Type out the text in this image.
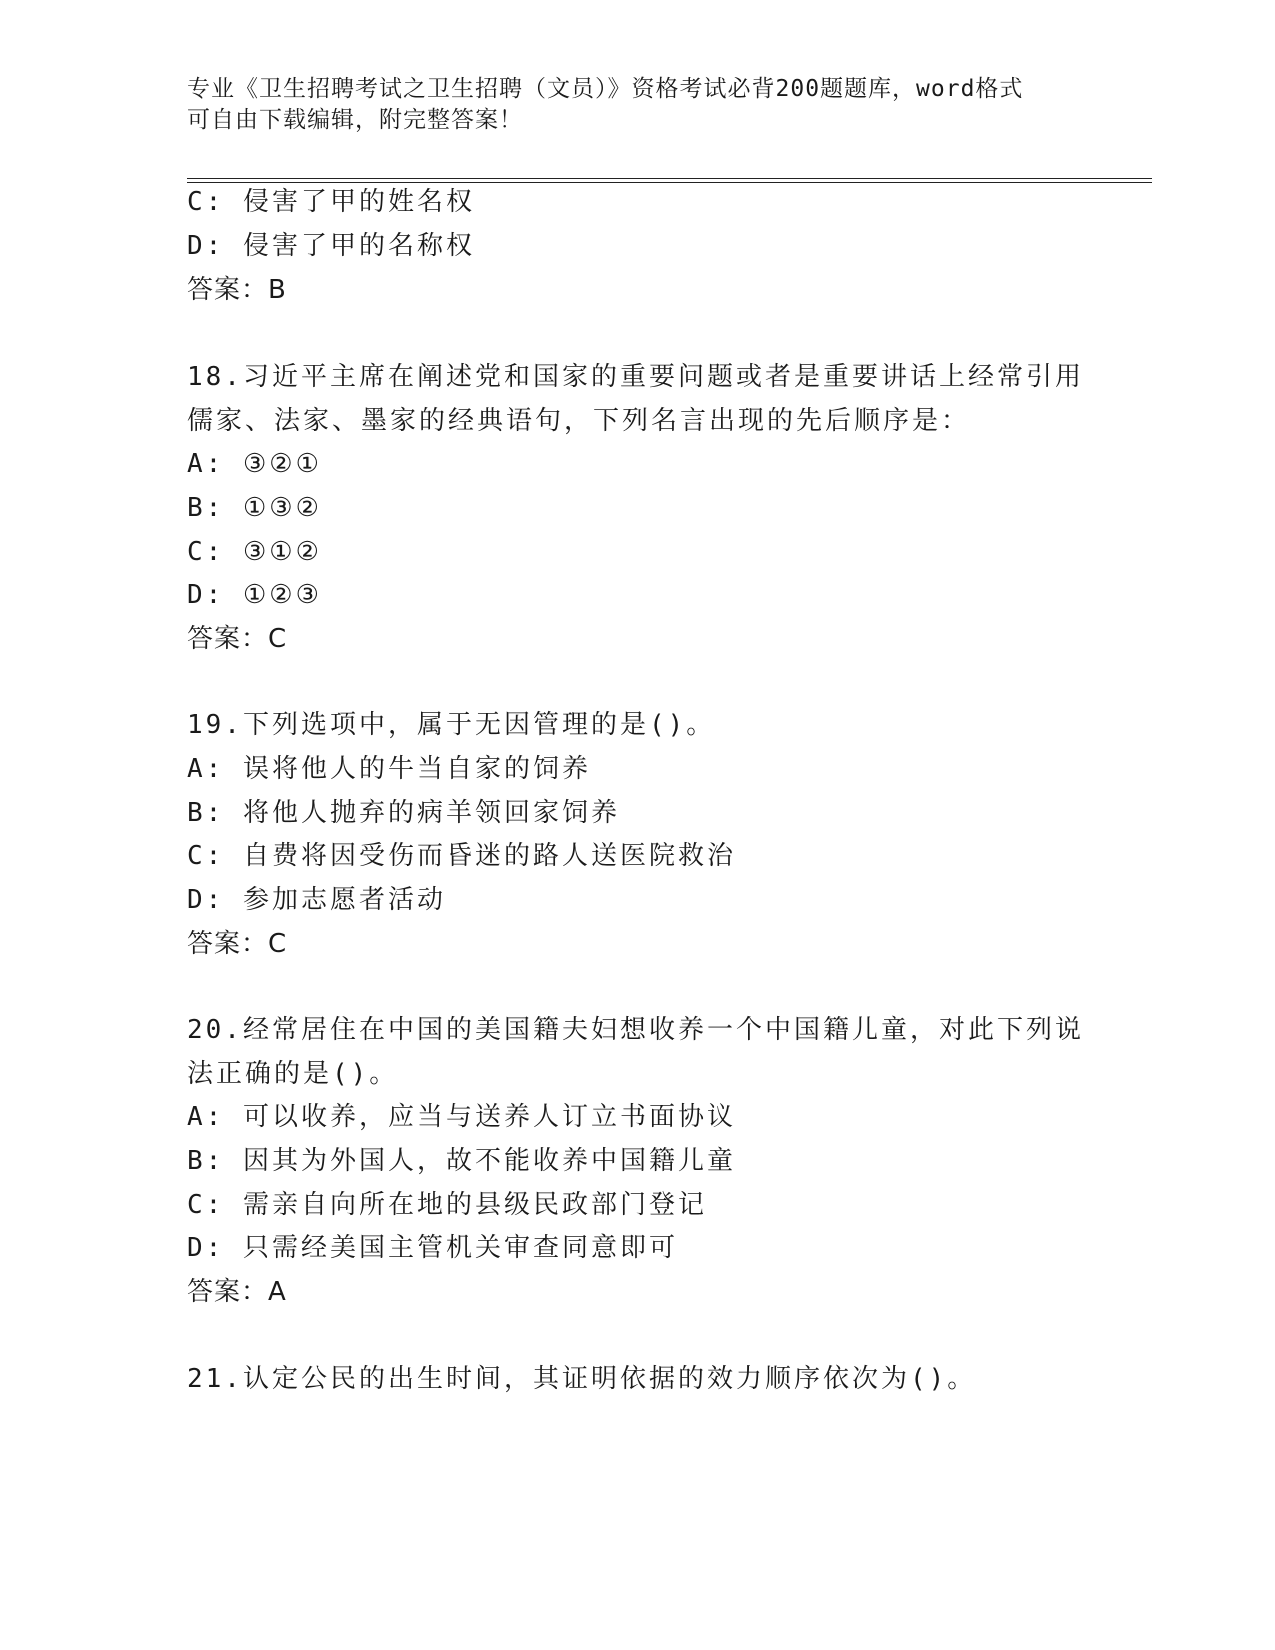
专业《卫生招聘考试之卫生招聘（文员）》资格考试必背200题题库，word格式
可自由下载编辑，附完整答案！
C: 侵害了甲的姓名权
D: 侵害了甲的名称权
答案：B
18.习近平主席在阐述党和国家的重要问题或者是重要讲话上经常引用
儒家、法家、墨家的经典语句，下列名言出现的先后顺序是：
A: ③②①
B: ①③②
C: ③①②
D: ①②③
答案：C
19.下列选项中，属于无因管理的是()。
A: 误将他人的牛当自家的饲养
B: 将他人抛弃的病羊领回家饲养
C: 自费将因受伤而昏迷的路人送医院救治
D: 参加志愿者活动
答案：C
20.经常居住在中国的美国籍夫妇想收养一个中国籍儿童，对此下列说
法正确的是()。
A: 可以收养，应当与送养人订立书面协议
B: 因其为外国人，故不能收养中国籍儿童
C: 需亲自向所在地的县级民政部门登记
D: 只需经美国主管机关审查同意即可
答案：A
21.认定公民的出生时间，其证明依据的效力顺序依次为()。
